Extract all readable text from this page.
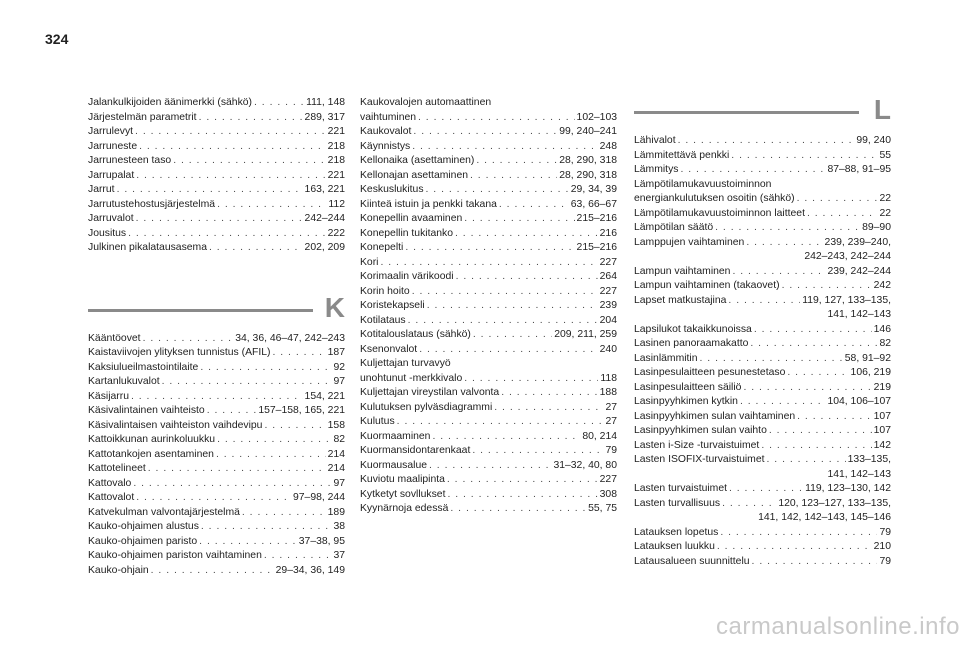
324
Jalankulkijoiden äänimerkki (sähkö) . . .	111, 148
Järjestelmän parametrit . . .	289, 317
Jarrulevyt . . .	221
Jarruneste . . .	218
Jarrunesteen taso . . .	218
Jarrupalat . . .	221
Jarrut . . .	163, 221
Jarrutustehostusjärjestelmä . . .	112
Jarruvalot . . .	242–244
Jousitus . . .	222
Julkinen pikalatausasema . . .	202, 209
K
Kääntöovet . . .	34, 36, 46–47, 242–243
Kaistaviivojen ylityksen tunnistus (AFIL) . . .	187
Kaksiulueilmastointilaite . . .	92
Kartanlukuvalot . . .	97
Käsijarru . . .	154, 221
Käsivalintainen vaihteisto . . .	157–158, 165, 221
Käsivalintaisen vaihteiston vaihdevipu . . .	158
Kattoikkunan aurinkoluukku . . .	82
Kattotankojen asentaminen . . .	214
Kattotelineet . . .	214
Kattovalo . . .	97
Kattovalot . . .	97–98, 244
Katvekulman valvontajärjestelmä . . .	189
Kauko-ohjaimen alustus . . .	38
Kauko-ohjaimen paristo . . .	37–38, 95
Kauko-ohjaimen pariston vaihtaminen . . .	37
Kauko-ohjain . . .	29–34, 36, 149
Kaukovalojen automaattinen
vaihtuminen . . .	102–103
Kaukovalot . . .	99, 240–241
Käynnistys . . .	248
Kellonaika (asettaminen) . . .	28, 290, 318
Kellonajan asettaminen . . .	28, 290, 318
Keskuslukitus . . .	29, 34, 39
Kiinteä istuin ja penkki takana . . .	63, 66–67
Konepellin avaaminen . . .	215–216
Konepellin tukitanko . . .	216
Konepelti . . .	215–216
Kori . . .	227
Korimaalin värikoodi . . .	264
Korin hoito . . .	227
Koristekapseli . . .	239
Kotilataus . . .	204
Kotitalouslataus (sähkö) . . .	209, 211, 259
Ksenonvalot . . .	240
Kuljettajan turvavyö
unohtunut -merkkivalo . . .	118
Kuljettajan vireystilan valvonta . . .	188
Kulutuksen pylväsdiagrammi . . .	27
Kulutus . . .	27
Kuormaaminen . . .	80, 214
Kuormansidontarenkaat . . .	79
Kuormausalue . . .	31–32, 40, 80
Kuviotu maalipinta . . .	227
Kytketyt sovllukset . . .	308
Kyynärnoja edessä . . .	55, 75
L
Lähivalot . . .	99, 240
Lämmitettävä penkki . . .	55
Lämmitys . . .	87–88, 91–95
Lämpötilamukavuustoiminnon
energiankulutuksen osoitin (sähkö) . . .	22
Lämpötilamukavuustoiminnon laitteet . . .	22
Lämpötilan säätö . . .	89–90
Lamppujen vaihtaminen . . .	239, 239–240,
242–243, 242–244
Lampun vaihtaminen . . .	239, 242–244
Lampun vaihtaminen (takaovet) . . .	242
Lapset matkustajina . . .	119, 127, 133–135,
141, 142–143
Lapsilukot takaikkunoissa . . .	146
Lasinen panoraamakatto . . .	82
Lasinlämmitin . . .	58, 91–92
Lasinpesulaitteen pesunestetaso . . .	106, 219
Lasinpesulaitteen säiliö . . .	219
Lasinpyyhkimen kytkin . . .	104, 106–107
Lasinpyyhkimen sulan vaihtaminen . . .	107
Lasinpyyhkimen sulan vaihto . . .	107
Lasten i-Size -turvaistuimet . . .	142
Lasten ISOFIX-turvaistuimet . . .	133–135,
141, 142–143
Lasten turvaistuimet . . .	119, 123–130, 142
Lasten turvallisuus . . .	120, 123–127, 133–135,
141, 142, 142–143, 145–146
Latauksen lopetus . . .	79
Latauksen luukku . . .	210
Latausalueen suunnittelu . . .	79
carmanualsonline.info
